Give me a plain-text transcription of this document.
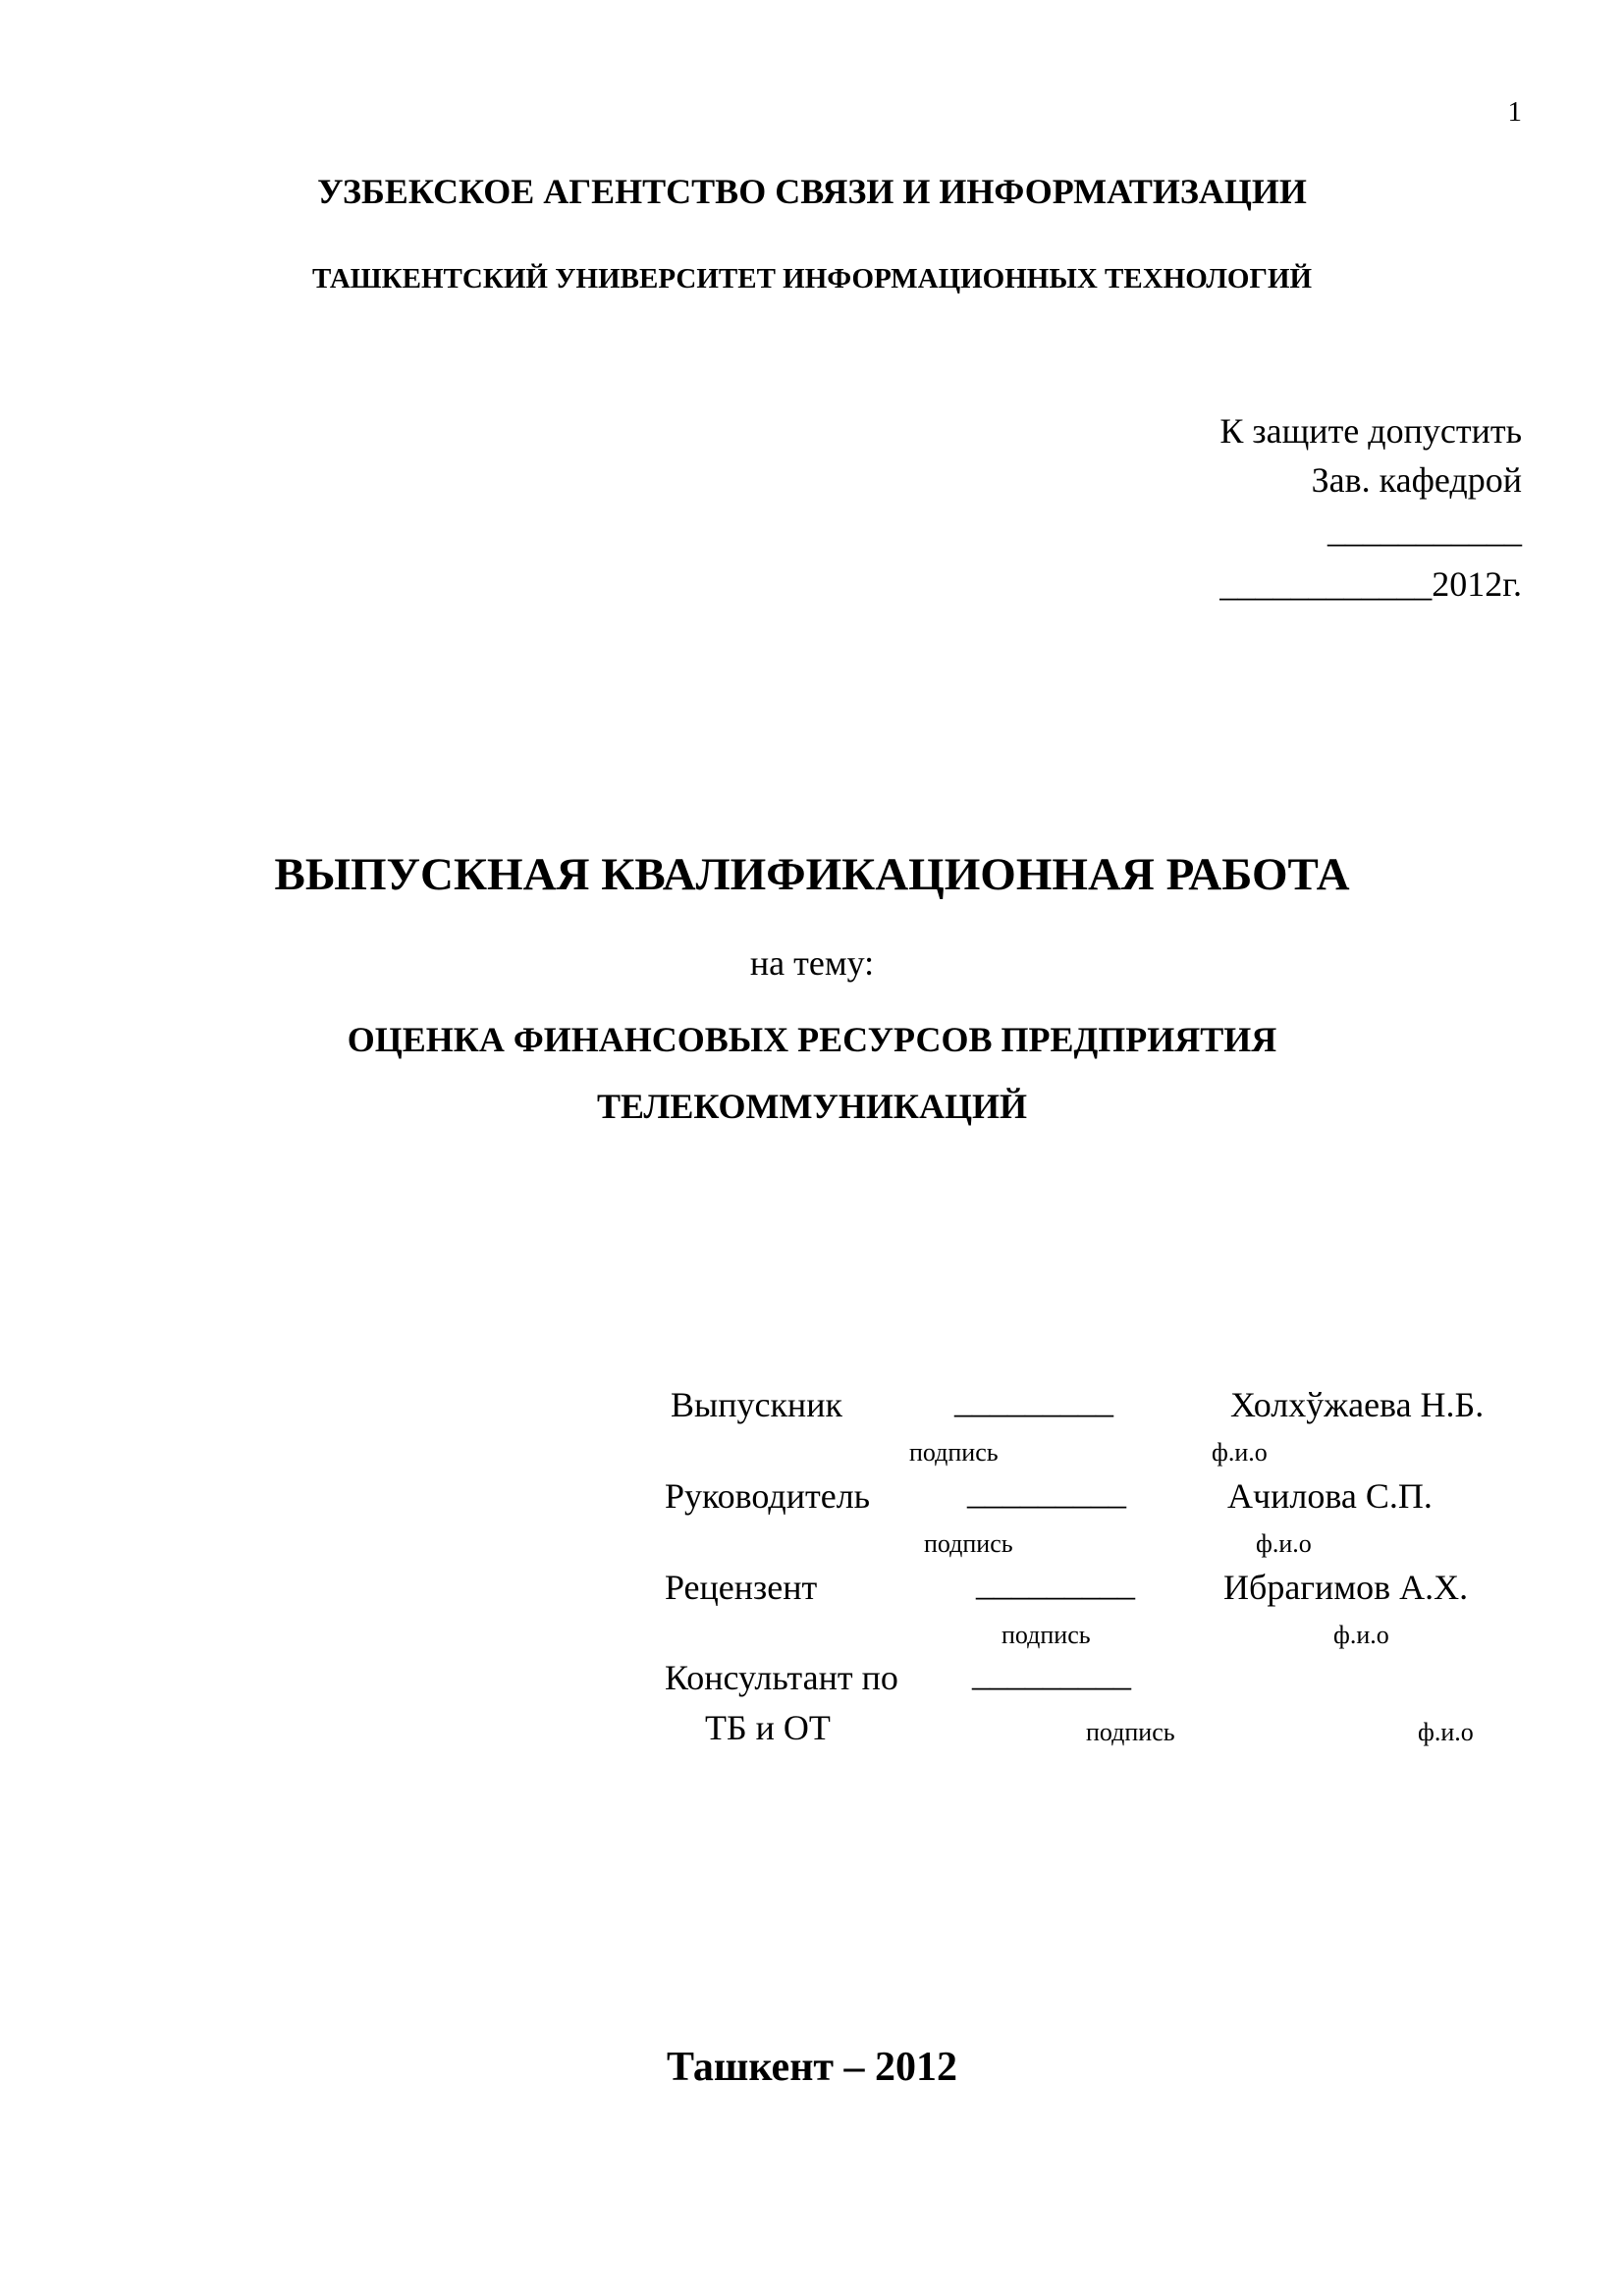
1
УЗБЕКСКОЕ АГЕНТСТВО СВЯЗИ И ИНФОРМАТИЗАЦИИ
ТАШКЕНТСКИЙ УНИВЕРСИТЕТ ИНФОРМАЦИОННЫХ ТЕХНОЛОГИЙ
К защите допустить
Зав. кафедрой
___________
____________2012г.
ВЫПУСКНАЯ КВАЛИФИКАЦИОННАЯ РАБОТА
на тему:
ОЦЕНКА ФИНАНСОВЫХ РЕСУРСОВ ПРЕДПРИЯТИЯ
ТЕЛЕКОММУНИКАЦИЙ
Выпускник	_________	Холхўжаева Н.Б.
подпись	ф.и.о
Руководитель	_________	Ачилова С.П.
подпись	ф.и.о
Рецензент	_________	Ибрагимов А.Х.
подпись	ф.и.о
Консультант по _________
ТБ и ОТ	подпись	ф.и.о
Ташкент – 2012
